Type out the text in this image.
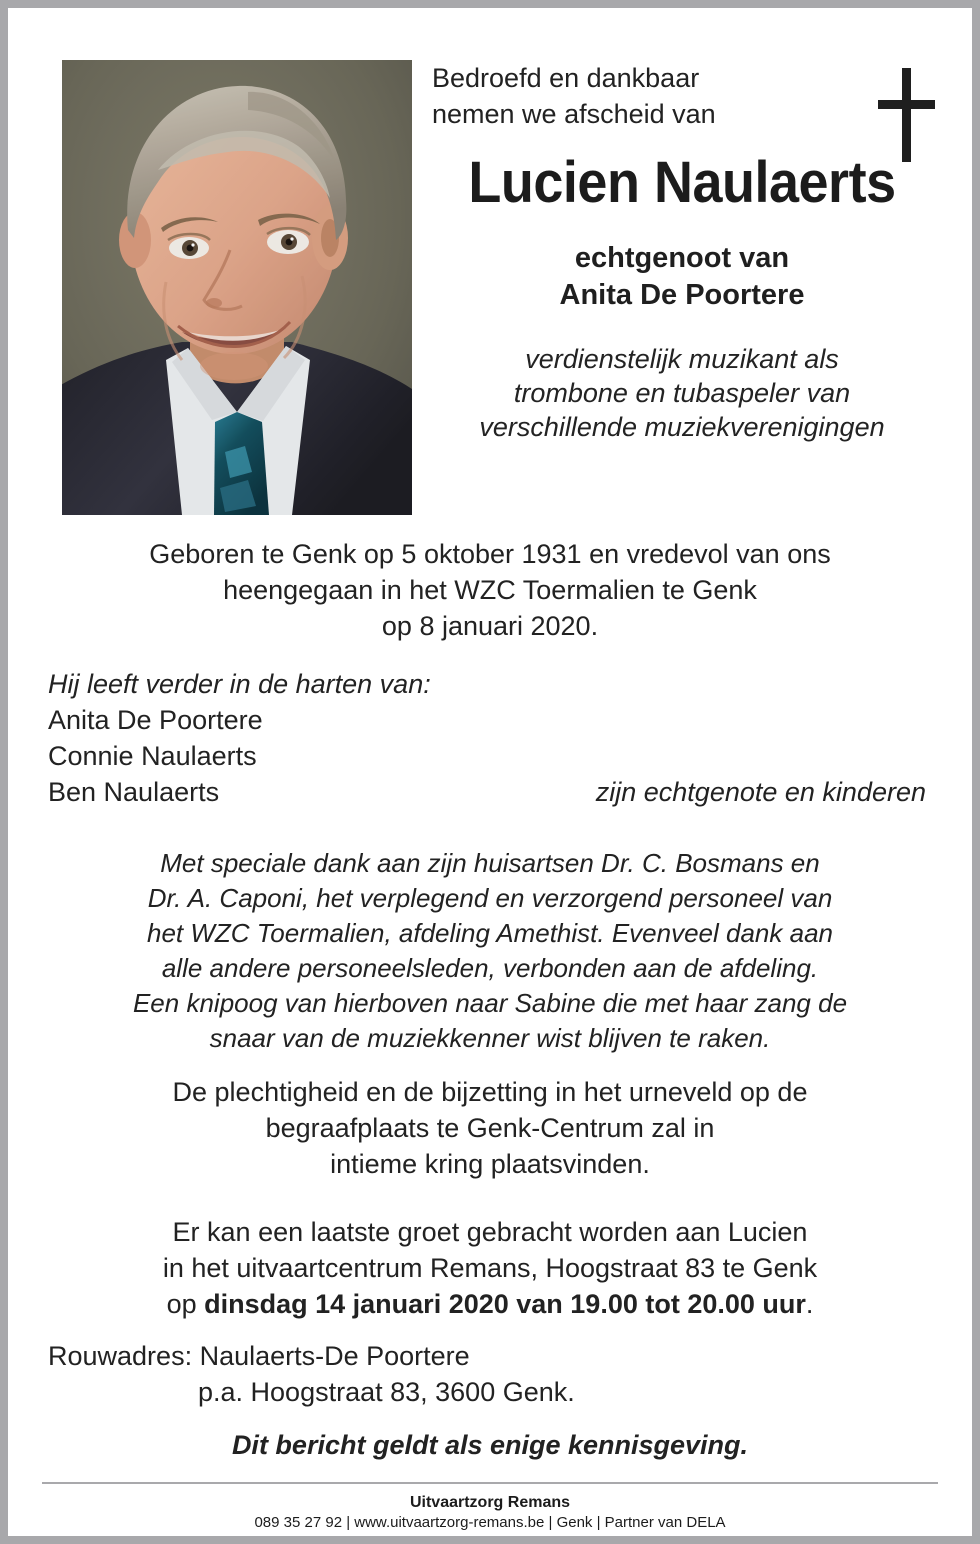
Bedroefd en dankbaar
nemen we afscheid van
Lucien Naulaerts
echtgenoot van
Anita De Poortere
verdienstelijk muzikant als
trombone en tubaspeler van
verschillende muziekverenigingen
Geboren te Genk op 5 oktober 1931 en vredevol van ons
heengegaan in het WZC Toermalien te Genk
op 8 januari 2020.
Hij leeft verder in de harten van:
Anita De Poortere
Connie Naulaerts
Ben Naulaerts	zijn echtgenote en kinderen
Met speciale dank aan zijn huisartsen Dr. C. Bosmans en
Dr. A. Caponi, het verplegend en verzorgend personeel van
het WZC Toermalien, afdeling Amethist. Evenveel dank aan
alle andere personeelsleden, verbonden aan de afdeling.
Een knipoog van hierboven naar Sabine die met haar zang de
snaar van de muziekkenner wist blijven te raken.
De plechtigheid en de bijzetting in het urneveld op de
begraafplaats te Genk-Centrum zal in
intieme kring plaatsvinden.
Er kan een laatste groet gebracht worden aan Lucien
in het uitvaartcentrum Remans, Hoogstraat 83 te Genk
op dinsdag 14 januari 2020 van 19.00 tot 20.00 uur.
Rouwadres: Naulaerts-De Poortere
p.a. Hoogstraat 83, 3600 Genk.
Dit bericht geldt als enige kennisgeving.
Uitvaartzorg Remans
089 35 27 92 | www.uitvaartzorg-remans.be | Genk | Partner van DELA
